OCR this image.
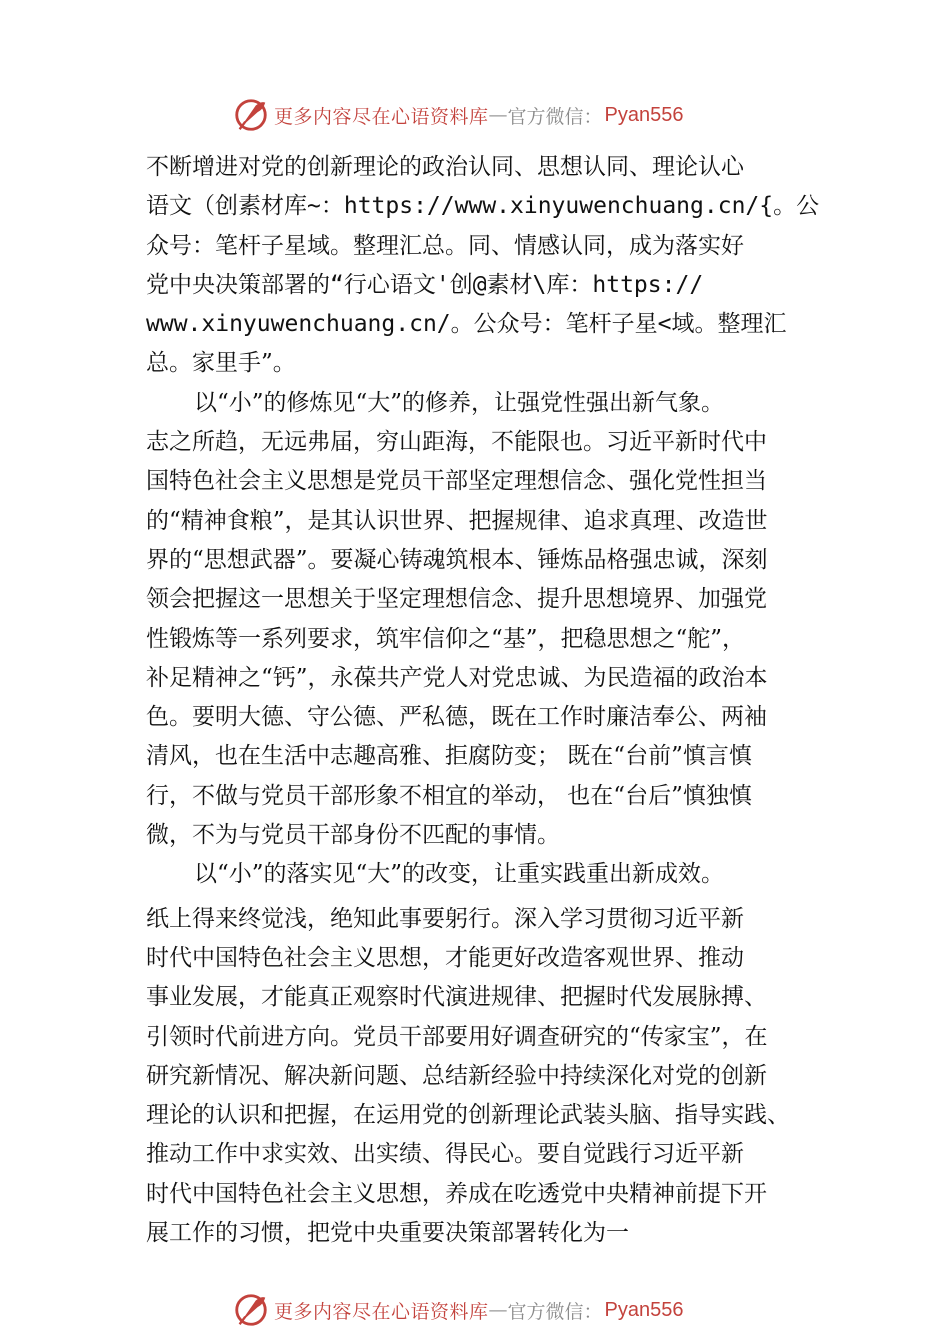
更多内容尽在心语资料库 — 官方微信： Pyan556
不断增进对党的创新理论的政治认同、思想认同、理论认心
语文（创素材库~：https://www.xinyuwenchuang.cn/{。公
众号：笔杆子星域。整理汇总。同、情感认同，成为落实好
党中央决策部署的“行心语文'创@素材\库：https://
www.xinyuwenchuang.cn/。公众号：笔杆子星<域。整理汇
总。家里手”。
以“小”的修炼见“大”的修养，让强党性强出新气象。
志之所趋，无远弗届，穷山距海，不能限也。习近平新时代中
国特色社会主义思想是党员干部坚定理想信念、强化党性担当
的“精神食粮”，是其认识世界、把握规律、追求真理、改造世
界的“思想武器”。要凝心铸魂筑根本、锤炼品格强忠诚，深刻
领会把握这一思想关于坚定理想信念、提升思想境界、加强党
性锻炼等一系列要求，筑牢信仰之“基”，把稳思想之“舵”，
补足精神之“钙”，永葆共产党人对党忠诚、为民造福的政治本
色。要明大德、守公德、严私德，既在工作时廉洁奉公、两袖
清风，也在生活中志趣高雅、拒腐防变； 既在“台前”慎言慎
行，不做与党员干部形象不相宜的举动， 也在“台后”慎独慎
微，不为与党员干部身份不匹配的事情。
以“小”的落实见“大”的改变，让重实践重出新成效。
纸上得来终觉浅，绝知此事要躬行。深入学习贯彻习近平新
时代中国特色社会主义思想，才能更好改造客观世界、推动
事业发展，才能真正观察时代演进规律、把握时代发展脉搏、
引领时代前进方向。党员干部要用好调查研究的“传家宝”，在
研究新情况、解决新问题、总结新经验中持续深化对党的创新
理论的认识和把握，在运用党的创新理论武装头脑、指导实践、
推动工作中求实效、出实绩、得民心。要自觉践行习近平新
时代中国特色社会主义思想，养成在吃透党中央精神前提下开
展工作的习惯，把党中央重要决策部署转化为一
更多内容尽在心语资料库 — 官方微信： Pyan556
